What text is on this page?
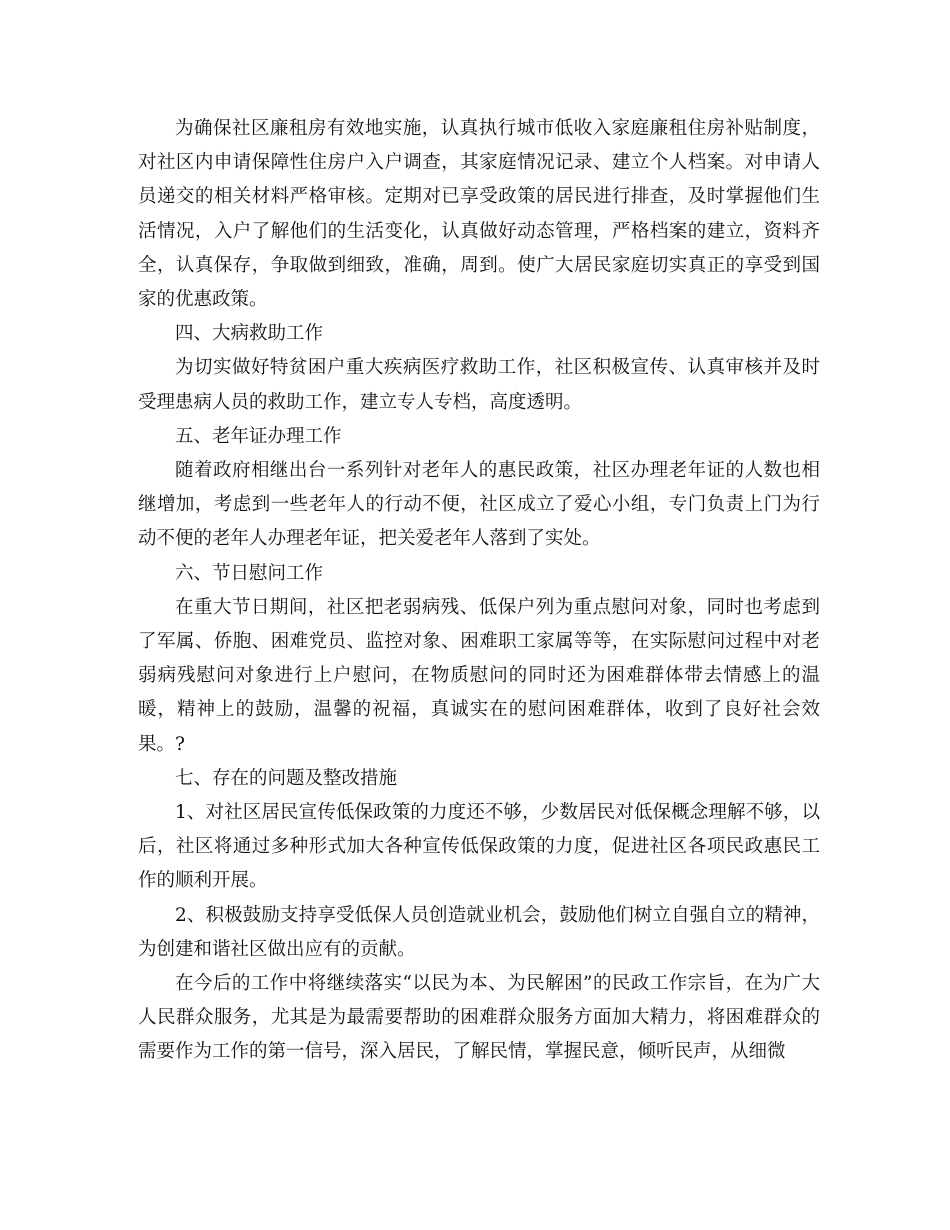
为确保社区廉租房有效地实施，认真执行城市低收入家庭廉租住房补贴制度，对社区内申请保障性住房户入户调查，其家庭情况记录、建立个人档案。对申请人员递交的相关材料严格审核。定期对已享受政策的居民进行排查，及时掌握他们生活情况，入户了解他们的生活变化，认真做好动态管理，严格档案的建立，资料齐全，认真保存，争取做到细致，准确，周到。使广大居民家庭切实真正的享受到国家的优惠政策。

四、大病救助工作

为切实做好特贫困户重大疾病医疗救助工作，社区积极宣传、认真审核并及时受理患病人员的救助工作，建立专人专档，高度透明。

五、老年证办理工作

随着政府相继出台一系列针对老年人的惠民政策，社区办理老年证的人数也相继增加，考虑到一些老年人的行动不便，社区成立了爱心小组，专门负责上门为行动不便的老年人办理老年证，把关爱老年人落到了实处。

六、节日慰问工作

在重大节日期间，社区把老弱病残、低保户列为重点慰问对象，同时也考虑到了军属、侨胞、困难党员、监控对象、困难职工家属等等，在实际慰问过程中对老弱病残慰问对象进行上户慰问，在物质慰问的同时还为困难群体带去情感上的温暖，精神上的鼓励，温馨的祝福，真诚实在的慰问困难群体，收到了良好社会效果。?

七、存在的问题及整改措施

1、对社区居民宣传低保政策的力度还不够，少数居民对低保概念理解不够，以后，社区将通过多种形式加大各种宣传低保政策的力度，促进社区各项民政惠民工作的顺利开展。

2、积极鼓励支持享受低保人员创造就业机会，鼓励他们树立自强自立的精神，为创建和谐社区做出应有的贡献。

在今后的工作中将继续落实“以民为本、为民解困”的民政工作宗旨，在为广大人民群众服务，尤其是为最需要帮助的困难群众服务方面加大精力，将困难群众的需要作为工作的第一信号，深入居民，了解民情，掌握民意，倾听民声，从细微
